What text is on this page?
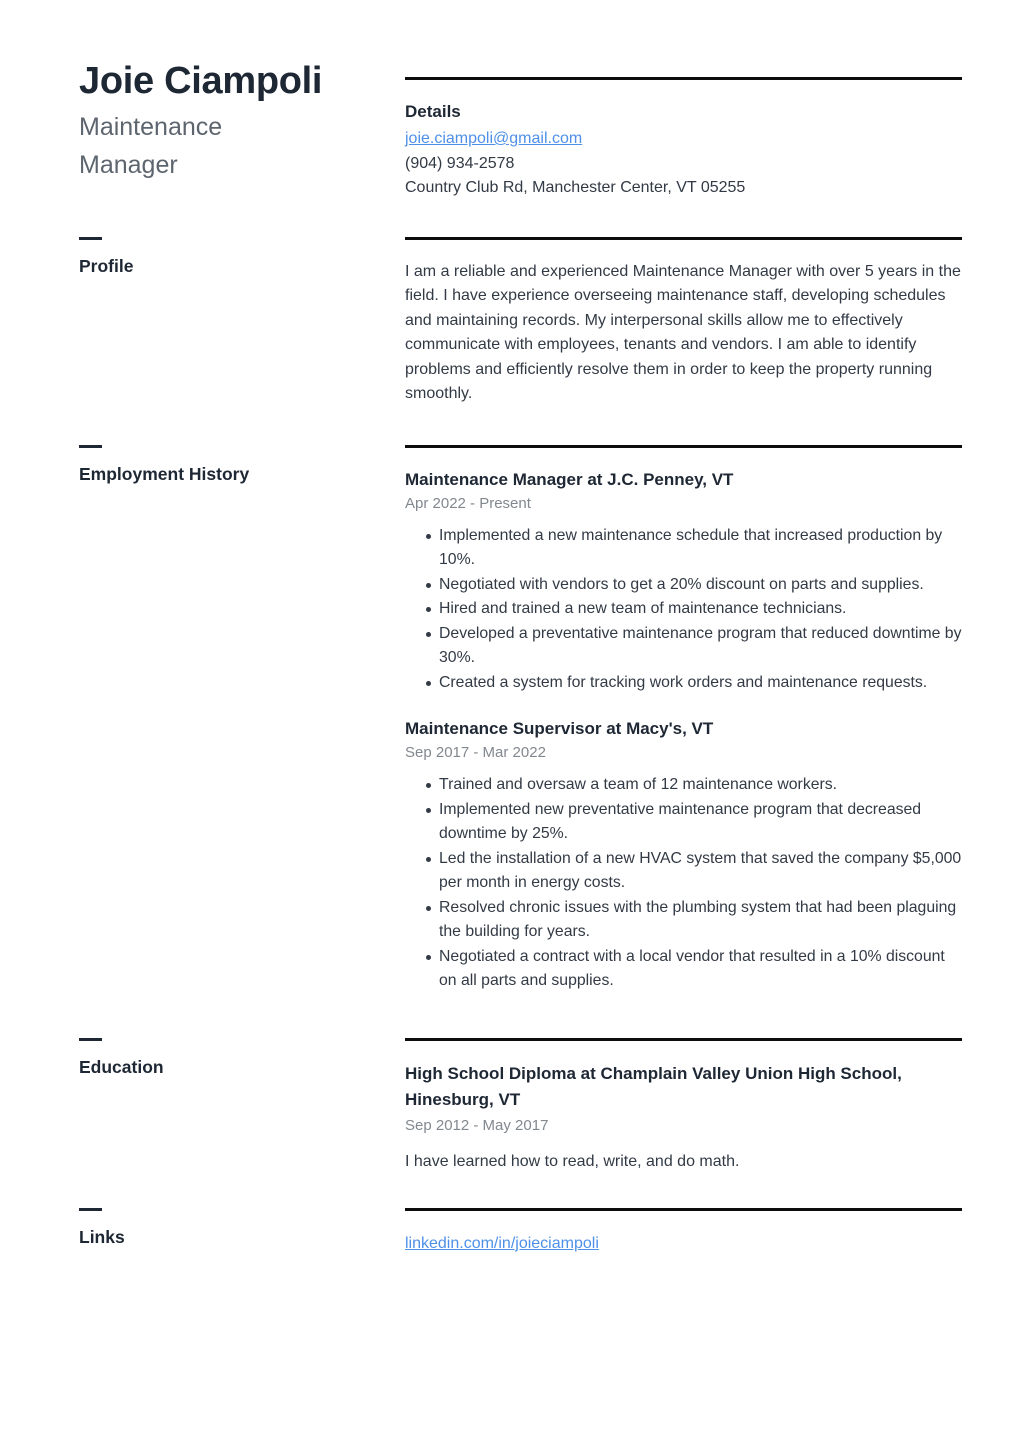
Joie Ciampoli
Maintenance Manager
Details
joie.ciampoli@gmail.com
(904) 934-2578
Country Club Rd, Manchester Center, VT 05255
Profile	I am a reliable and experienced Maintenance Manager with over 5 years in the field. I have experience overseeing maintenance staff, developing schedules and maintaining records. My interpersonal skills allow me to effectively communicate with employees, tenants and vendors. I am able to identify problems and efficiently resolve them in order to keep the property running smoothly.

Employment History	Maintenance Manager at J.C. Penney, VT
Apr 2022 - Present
Implemented a new maintenance schedule that increased production by 10%.
Negotiated with vendors to get a 20% discount on parts and supplies.
Hired and trained a new team of maintenance technicians.
Developed a preventative maintenance program that reduced downtime by 30%.
Created a system for tracking work orders and maintenance requests.
Maintenance Supervisor at Macy's, VT
Sep 2017 - Mar 2022
Trained and oversaw a team of 12 maintenance workers.
Implemented new preventative maintenance program that decreased downtime by 25%.
Led the installation of a new HVAC system that saved the company $5,000 per month in energy costs.
Resolved chronic issues with the plumbing system that had been plaguing the building for years.
Negotiated a contract with a local vendor that resulted in a 10% discount on all parts and supplies.
Education	High School Diploma at Champlain Valley Union High School, Hinesburg, VT
Sep 2012 - May 2017

I have learned how to read, write, and do math.

Links	linkedin.com/in/joieciampoli
